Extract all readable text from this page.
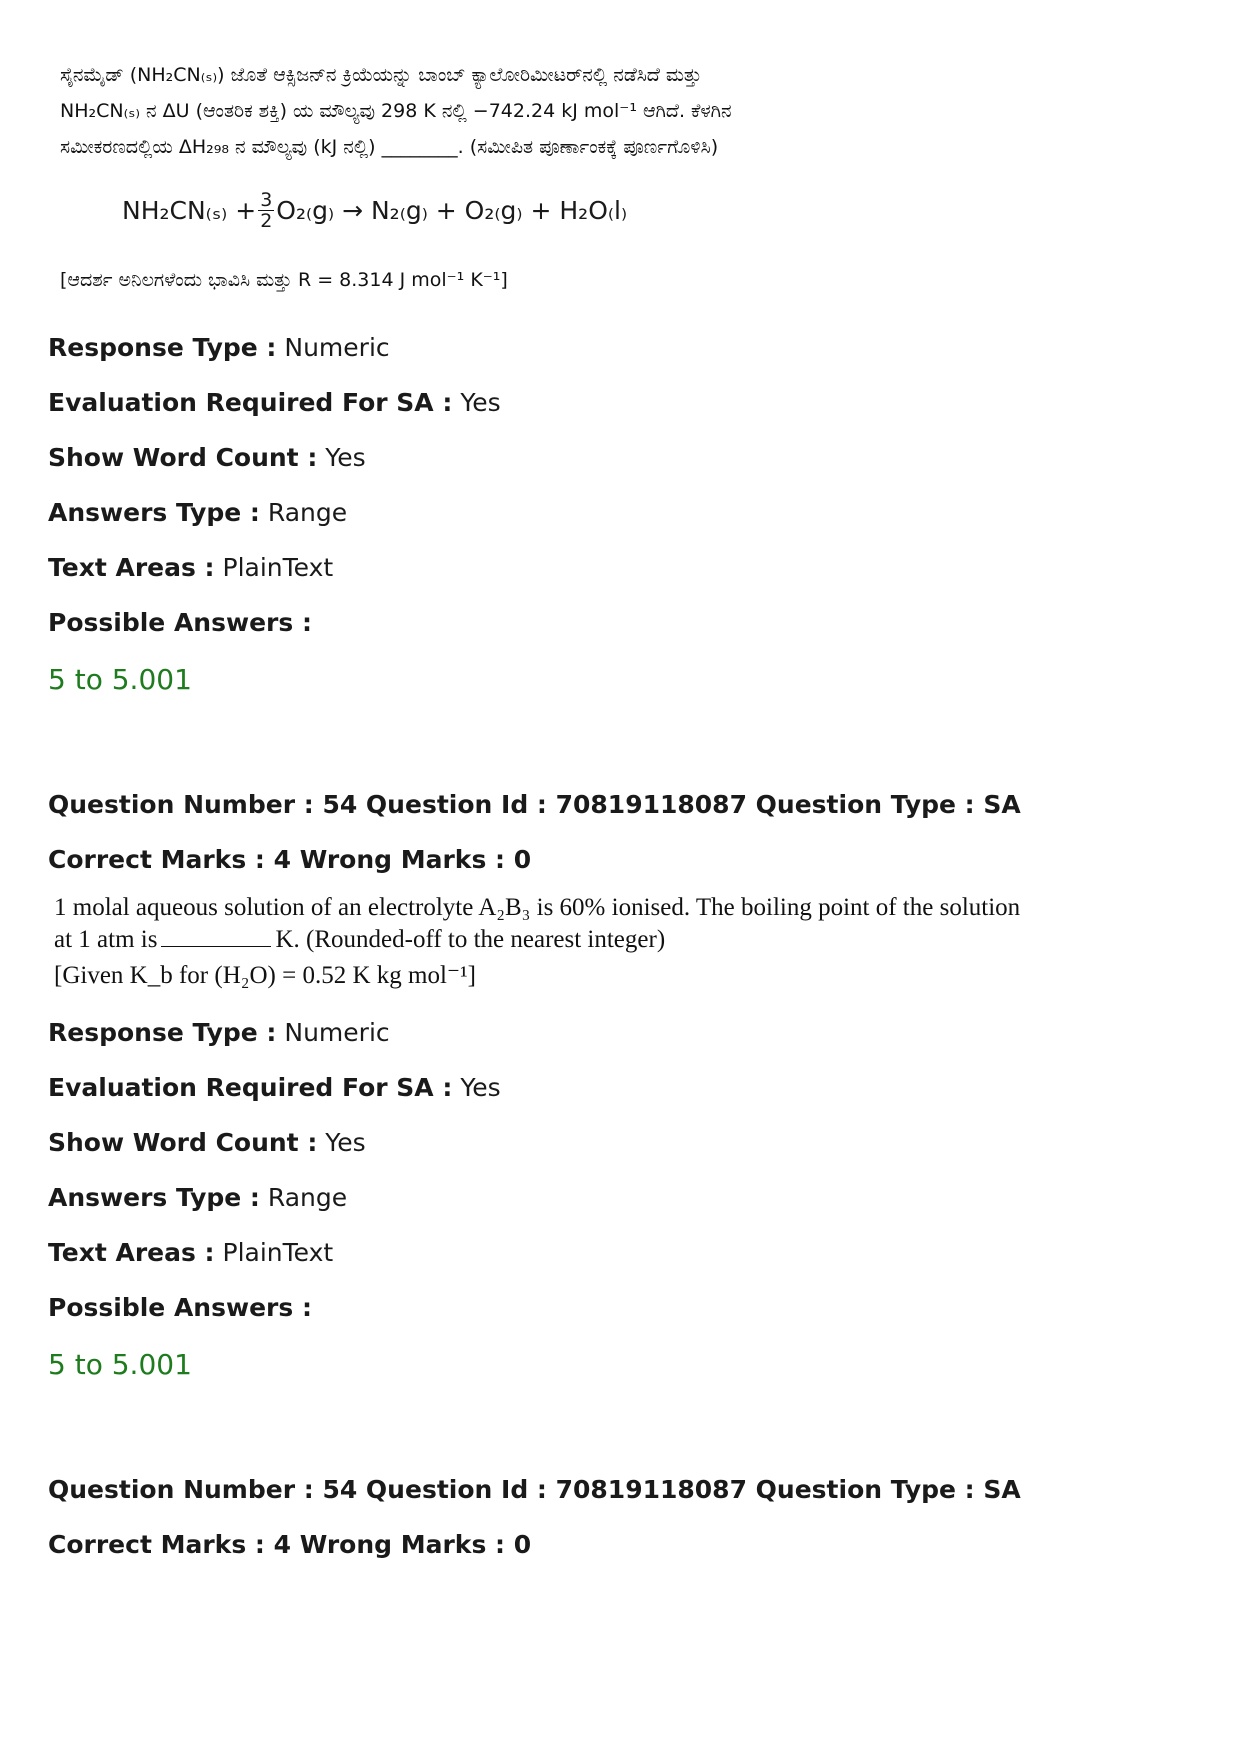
ಸೈನಮೈಡ್ (NH₂CN₍ₛ₎) ಜೊತೆ ಆಕ್ಸಿಜನ್‌ನ ಕ್ರಿಯೆಯನ್ನು ಬಾಂಬ್ ಕ್ಯಾಲೋರಿಮೀಟರ್‌ನಲ್ಲಿ ನಡೆಸಿದೆ ಮತ್ತು
NH₂CN₍ₛ₎ ನ ΔU (ಆಂತರಿಕ ಶಕ್ತಿ) ಯ ಮೌಲ್ಯವು 298 K ನಲ್ಲಿ −742.24 kJ mol⁻¹ ಆಗಿದೆ. ಕೆಳಗಿನ
ಸಮೀಕರಣದಲ್ಲಿಯ ΔH₂₉₈ ನ ಮೌಲ್ಯವು (kJ ನಲ್ಲಿ) ________. (ಸಮೀಪಿತ ಪೂರ್ಣಾಂಕಕ್ಕೆ ಪೂರ್ಣಗೊಳಿಸಿ)
$NH_2CN_{(s)} + \frac{3}{2} O_{2(}g_) \to N_{2(}g_) + O_{2(}g_) + H_2O_(l_)$
[ಆದರ್ಶ ಅನಿಲಗಳೆಂದು ಭಾವಿಸಿ ಮತ್ತು R = 8.314 J mol⁻¹ K⁻¹]
Response Type : Numeric
Evaluation Required For SA : Yes
Show Word Count : Yes
Answers Type : Range
Text Areas : PlainText
Possible Answers :
5 to 5.001
Question Number : 54 Question Id : 70819118087 Question Type : SA
Correct Marks : 4 Wrong Marks : 0
1 molal aqueous solution of an electrolyte A₂B₃ is 60% ionised. The boiling point of the solution
at 1 atm is	K. (Rounded-off to the nearest integer)
[Given K_b for (H₂O) = 0.52 K kg mol⁻¹]
Response Type : Numeric
Evaluation Required For SA : Yes
Show Word Count : Yes
Answers Type : Range
Text Areas : PlainText
Possible Answers :
5 to 5.001
Question Number : 54 Question Id : 70819118087 Question Type : SA
Correct Marks : 4 Wrong Marks : 0
